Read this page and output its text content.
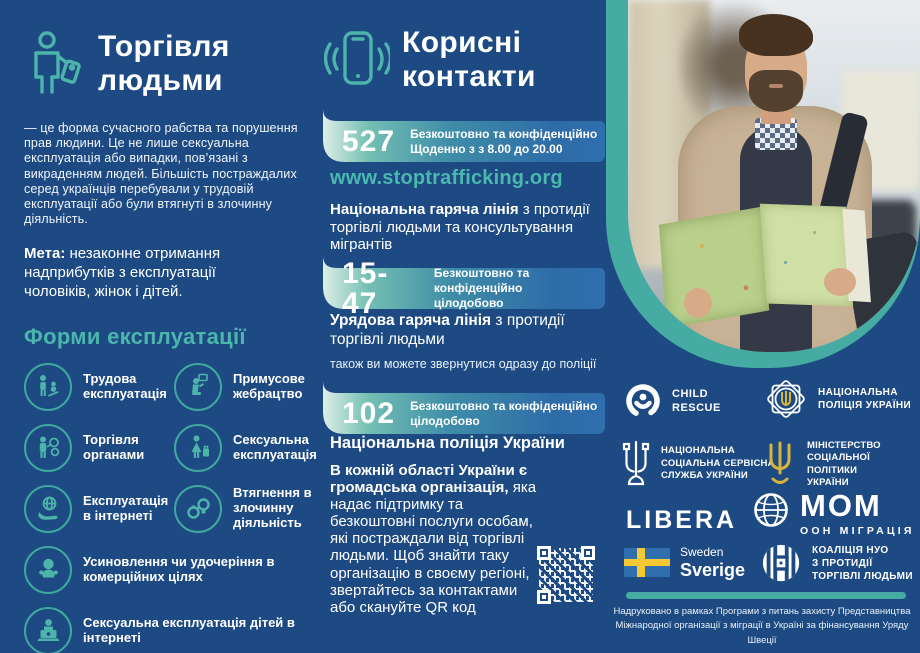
Торгівля людьми

— це форма сучасного рабства та порушення прав людини. Це не лише сексуальна експлуатація або випадки, пов’язані з викраденням людей. Більшість постраждалих серед українців перебували у трудовій експлуатації або були втягнуті в злочинну діяльність.

Мета: незаконне отримання надприбутків з експлуатації чоловіків, жінок і дітей.

Форми експлуатації
Трудова експлуатація
Примусове жебрацтво
Торгівля органами
Сексуальна експлуатація
Експлуатація в інтернеті
Втягнення в злочинну діяльність
Усиновлення чи удочеріння в комерційних цілях
Сексуальна експлуатація дітей в інтернеті
Корисні контакти
527 Безкоштовно та конфіденційно
Щоденно з з 8.00 до 20.00
www.stoptrafficking.org
Національна гаряча лінія з протидії торгівлі людьми та консультування мігрантів
15-47
Безкоштовно та конфіденційно
цілодобово
Урядова гаряча лінія з протидії торгівлі людьми
також ви можете звернутися одразу до поліції
102 Безкоштовно та конфіденційно
цілодобово
Національна поліція України
В кожній області України є громадська організація, яка надає підтримку та безкоштовні послуги особам, які постраждали від торгівлі людьми. Щоб знайти таку організацію в своєму регіоні, звертайтесь за контактами або скануйте QR код
CHILD
RESCUE
НАЦІОНАЛЬНА
ПОЛІЦІЯ УКРАЇНИ
НАЦІОНАЛЬНА
СОЦІАЛЬНА СЕРВІСНА
СЛУЖБА УКРАЇНИ
МІНІСТЕРСТВО
СОЦІАЛЬНОЇ ПОЛІТИКИ
УКРАЇНИ
LIBERA MOM
ООН МІГРАЦІЯ
Sweden
Sverige
КОАЛІЦІЯ НУО
З ПРОТИДІЇ
ТОРГІВЛІ ЛЮДЬМИ
Надруковано в рамках Програми з питань захисту Представництва Міжнародної організації з міграції в Україні за фінансування Уряду Швеції
